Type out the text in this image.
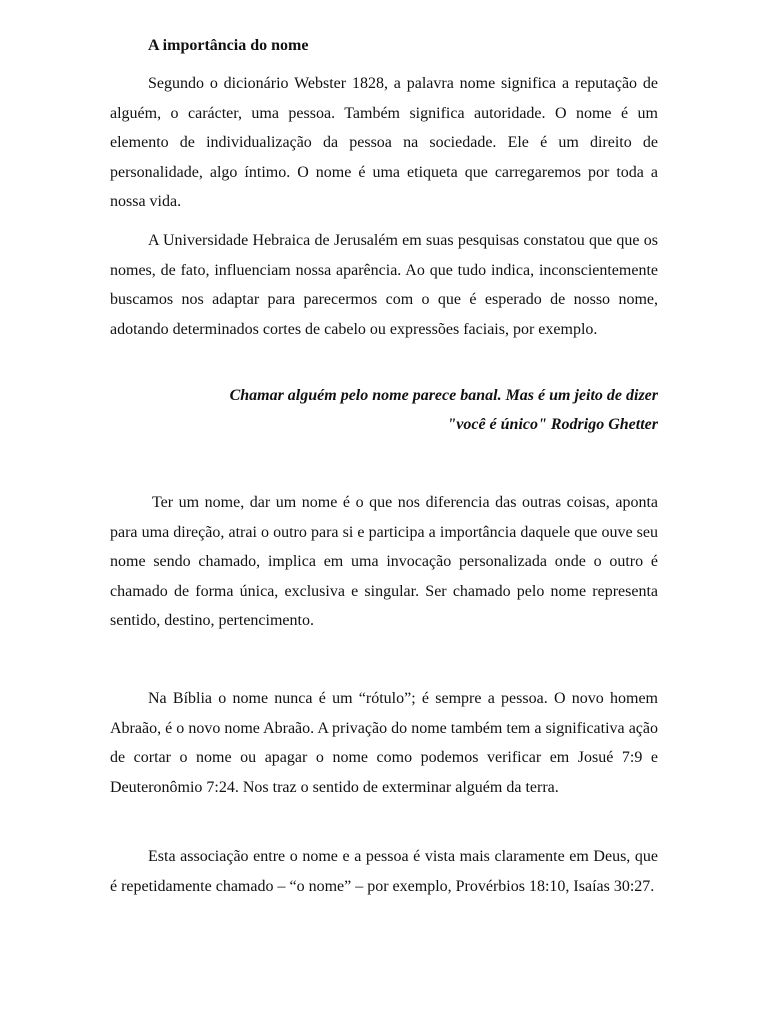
A importância do nome

Segundo o dicionário Webster 1828, a palavra nome significa a reputação de alguém, o carácter, uma pessoa. Também significa autoridade. O nome é um elemento de individualização da pessoa na sociedade. Ele é um direito de personalidade, algo íntimo. O nome é uma etiqueta que carregaremos por toda a nossa vida.

A Universidade Hebraica de Jerusalém em suas pesquisas constatou que que os nomes, de fato, influenciam nossa aparência. Ao que tudo indica, inconscientemente buscamos nos adaptar para parecermos com o que é esperado de nosso nome, adotando determinados cortes de cabelo ou expressões faciais, por exemplo.

Chamar alguém pelo nome parece banal. Mas é um jeito de dizer
"você é único" Rodrigo Ghetter

Ter um nome, dar um nome é o que nos diferencia das outras coisas, aponta para uma direção, atrai o outro para si e participa a importância daquele que ouve seu nome sendo chamado, implica em uma invocação personalizada onde o outro é chamado de forma única, exclusiva e singular. Ser chamado pelo nome representa sentido, destino, pertencimento.

Na Bíblia o nome nunca é um “rótulo”; é sempre a pessoa. O novo homem Abraão, é o novo nome Abraão. A privação do nome também tem a significativa ação de cortar o nome ou apagar o nome como podemos verificar em Josué 7:9 e Deuteronômio 7:24. Nos traz o sentido de exterminar alguém da terra.

Esta associação entre o nome e a pessoa é vista mais claramente em Deus, que é repetidamente chamado – “o nome” – por exemplo, Provérbios 18:10, Isaías 30:27.
